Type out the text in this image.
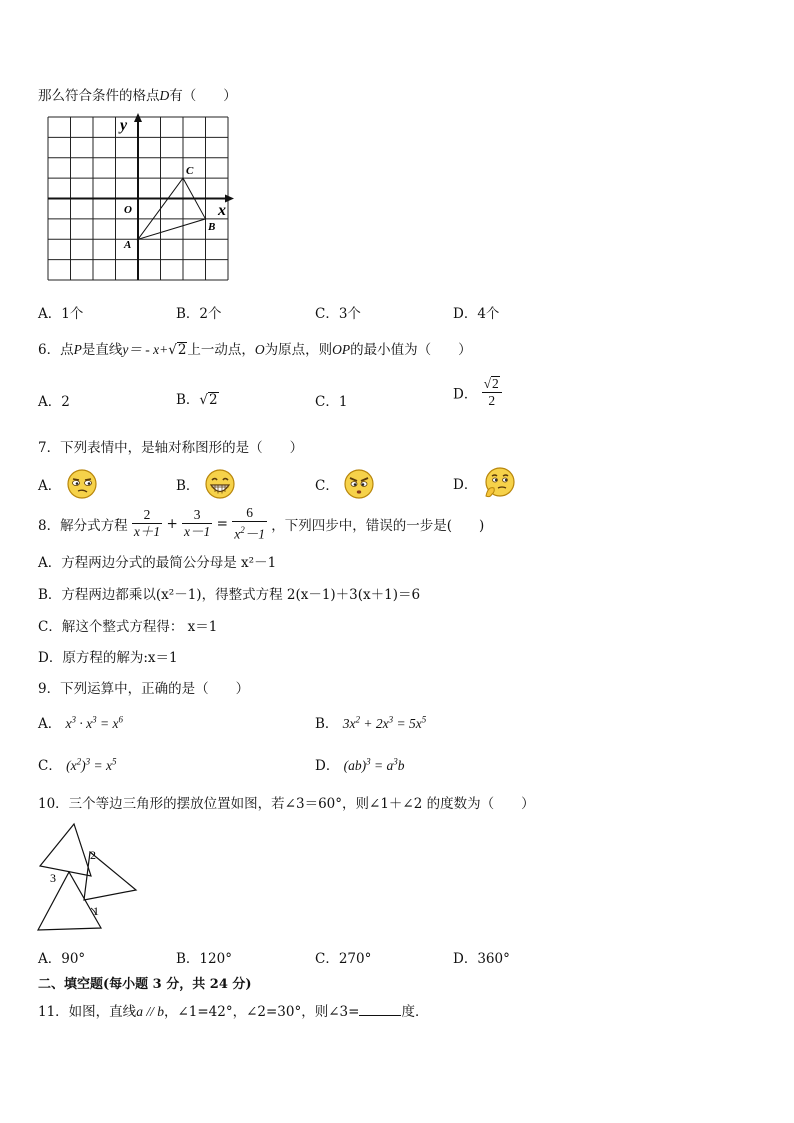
那么符合条件的格点D有（　　）
y
x
O
A
B
C
A．1个	B．2个	C．3个	D．4个
6．点P是直线y＝ - x+√2上一动点，O为原点，则OP的最小值为（　　）
A．2	B．√2	C．1	D． $\frac{√2}{2}$
7．下列表情中，是轴对称图形的是（　　）
A．	B．	C．	D．
8．解分式方程 $\frac{2}{x+1} + \frac{3}{x-1} = \frac{6}{x^2-1}$ ，下列四步中，错误的一步是(　　)
A．方程两边分式的最简公分母是 x²－1
B．方程两边都乘以(x²－1)，得整式方程 2(x－1)＋3(x＋1)＝6
C．解这个整式方程得： x＝1
D．原方程的解为:x＝1
9．下列运算中，正确的是（　　）
A． $x^3 \cdot x^3 = x^6$	B． $3x^2 + 2x^3 = 5x^5$
C． $(x^2)^3 = x^5$	D． $(ab)^3 = a^3b$
10．三个等边三角形的摆放位置如图，若∠3＝60°，则∠1＋∠2 的度数为（　　）
2
3
1
A．90°	B．120°	C．270°	D．360°
二、填空题(每小题 3 分，共 24 分)
11．如图，直线a // b，∠1=42°，∠2=30°，则∠3=	度．
